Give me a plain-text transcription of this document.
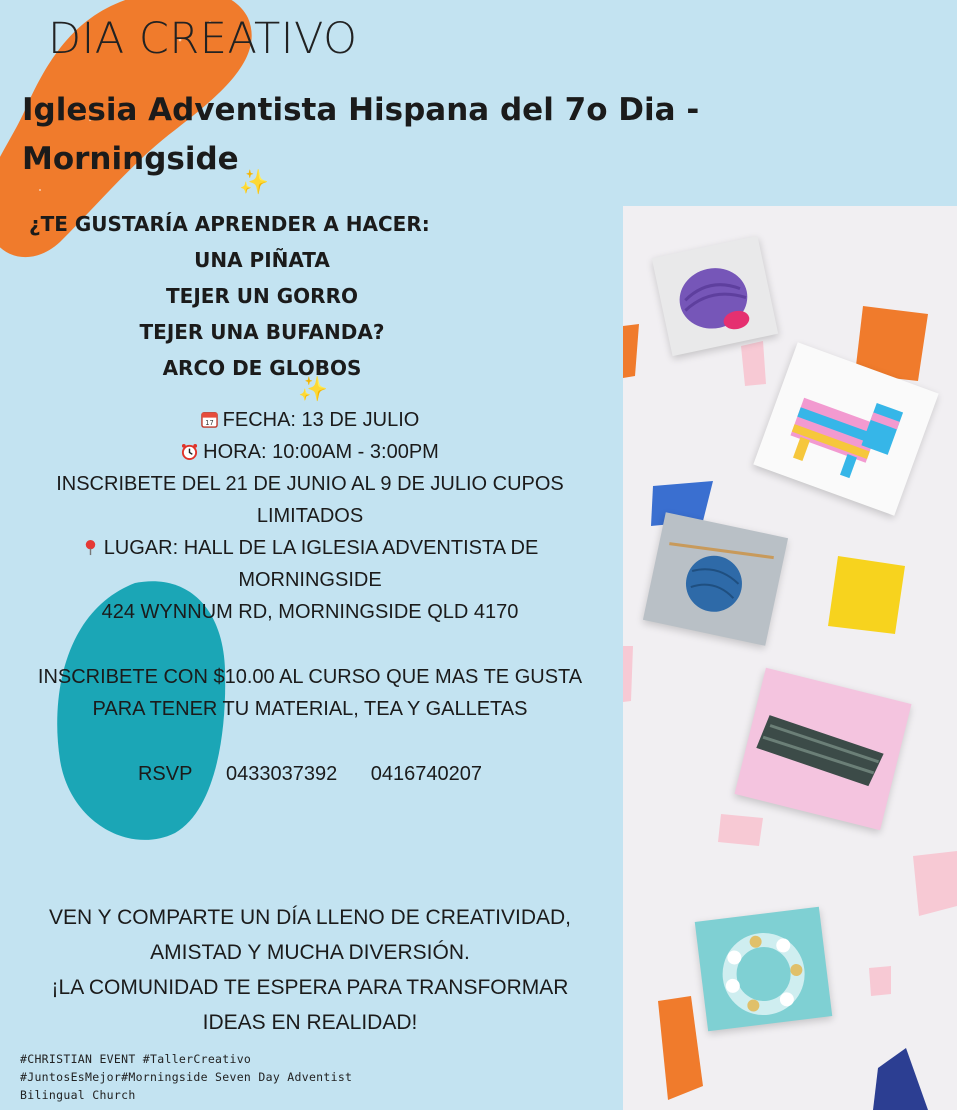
DIA CREATIVO
Iglesia Adventista Hispana del 7o Dia -
Morningside
✨
¿TE GUSTARÍA APRENDER A HACER:
UNA PIÑATA
TEJER UN GORRO
TEJER UNA BUFANDA?
ARCO DE GLOBOS
✨
17 FECHA: 13 DE JULIO
HORA: 10:00AM - 3:00PM
INSCRIBETE DEL 21 DE JUNIO AL 9 DE JULIO CUPOS
LIMITADOS
LUGAR: HALL DE LA IGLESIA ADVENTISTA DE
MORNINGSIDE
424 WYNNUM RD, MORNINGSIDE QLD 4170
INSCRIBETE CON $10.00 AL CURSO QUE MAS TE GUSTA
PARA TENER TU MATERIAL, TEA Y GALLETAS
RSVP 0433037392 0416740207
VEN Y COMPARTE UN DÍA LLENO DE CREATIVIDAD,
AMISTAD Y MUCHA DIVERSIÓN.
¡LA COMUNIDAD TE ESPERA PARA TRANSFORMAR
IDEAS EN REALIDAD!
#CHRISTIAN EVENT #TallerCreativo
#JuntosEsMejor#Morningside Seven Day Adventist
Bilingual Church
